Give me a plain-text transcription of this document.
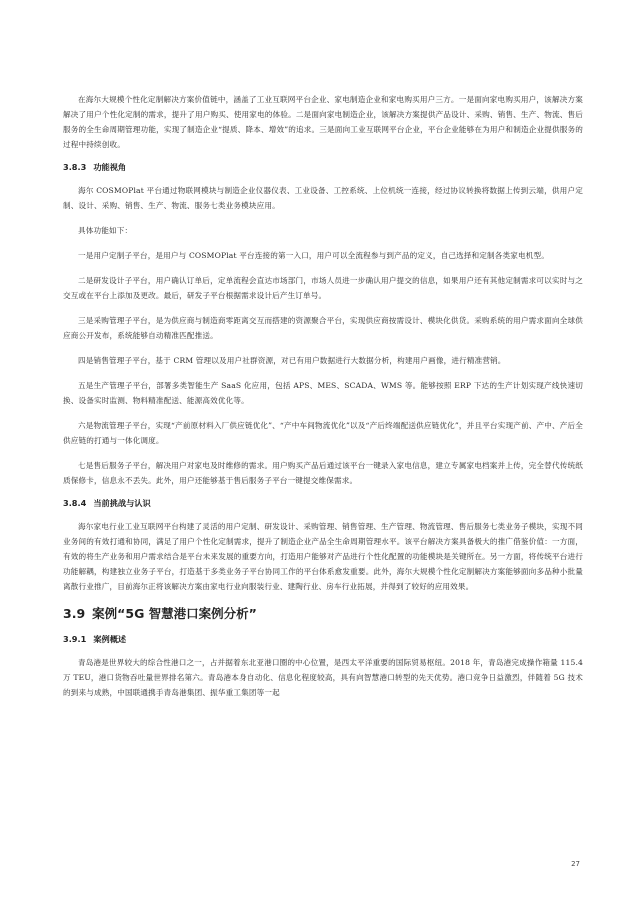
在海尔大规模个性化定制解决方案价值链中，涵盖了工业互联网平台企业、家电制造企业和家电购买用户三方。一是面向家电购买用户，该解决方案解决了用户个性化定制的需求，提升了用户购买、使用家电的体验。二是面向家电制造企业，该解决方案提供产品设计、采购、销售、生产、物流、售后服务的全生命周期管理功能，实现了制造企业“提质、降本、增效”的追求。三是面向工业互联网平台企业，平台企业能够在为用户和制造企业提供服务的过程中持续创收。

3.8.3 功能视角

海尔 COSMOPlat 平台通过物联网模块与制造企业仪器仪表、工业设备、工控系统、上位机统一连接，经过协议转换将数据上传到云端，供用户定制、设计、采购、销售、生产、物流、服务七类业务模块应用。

具体功能如下：

一是用户定制子平台，是用户与 COSMOPlat 平台连接的第一入口，用户可以全流程参与到产品的定义，自己选择和定制各类家电机型。

二是研发设计子平台，用户确认订单后，定单流程会直达市场部门，市场人员进一步确认用户提交的信息，如果用户还有其他定制需求可以实时与之交互或在平台上添加及更改。最后，研发子平台根据需求设计后产生订单号。

三是采购管理子平台，是为供应商与制造商零距离交互而搭建的资源聚合平台，实现供应商按需设计、模块化供货。采购系统的用户需求面向全球供应商公开发布，系统能够自动精准匹配推送。

四是销售管理子平台，基于 CRM 管理以及用户社群资源，对已有用户数据进行大数据分析，构建用户画像，进行精准营销。

五是生产管理子平台，部署多类智能生产 SaaS 化应用，包括 APS、MES、SCADA、WMS 等。能够按照 ERP 下达的生产计划实现产线快速切换、设备实时监测、物料精准配送、能源高效优化等。

六是物流管理子平台，实现“产前原材料入厂供应链优化”、“产中车间物流优化”以及“产后终端配送供应链优化”，并且平台实现产前、产中、产后全供应链的打通与一体化调度。

七是售后服务子平台，解决用户对家电及时维修的需求。用户购买产品后通过该平台一键录入家电信息，建立专属家电档案并上传，完全替代传统纸质保修卡，信息永不丢失。此外，用户还能够基于售后服务子平台一键提交维保需求。

3.8.4 当前挑战与认识

海尔家电行业工业互联网平台构建了灵活的用户定制、研发设计、采购管理、销售管理、生产管理、物流管理、售后服务七类业务子模块，实现不同业务间的有效打通和协同，满足了用户个性化定制需求，提升了制造企业产品全生命周期管理水平。该平台解决方案具备极大的推广借鉴价值：一方面，有效的将生产业务和用户需求结合是平台未来发展的重要方向，打造用户能够对产品进行个性化配置的功能模块是关键所在。另一方面，将传统平台进行功能解耦，构建独立业务子平台，打造基于多类业务子平台协同工作的平台体系愈发重要。此外，海尔大规模个性化定制解决方案能够面向多品种小批量离散行业推广，目前海尔正将该解决方案由家电行业向服装行业、建陶行业、房车行业拓展，并得到了较好的应用效果。

3.9 案例“5G 智慧港口案例分析”
3.9.1 案例概述

青岛港是世界较大的综合性港口之一，占并据着东北亚港口圈的中心位置，是西太平洋重要的国际贸易枢纽。2018 年，青岛港完成操作箱量 115.4 万 TEU，港口货物吞吐量世界排名第六。青岛港本身自动化、信息化程度较高，具有向智慧港口转型的先天优势。港口竞争日益激烈，伴随着 5G 技术的到来与成熟，中国联通携手青岛港集团、振华重工集团等一起

27
